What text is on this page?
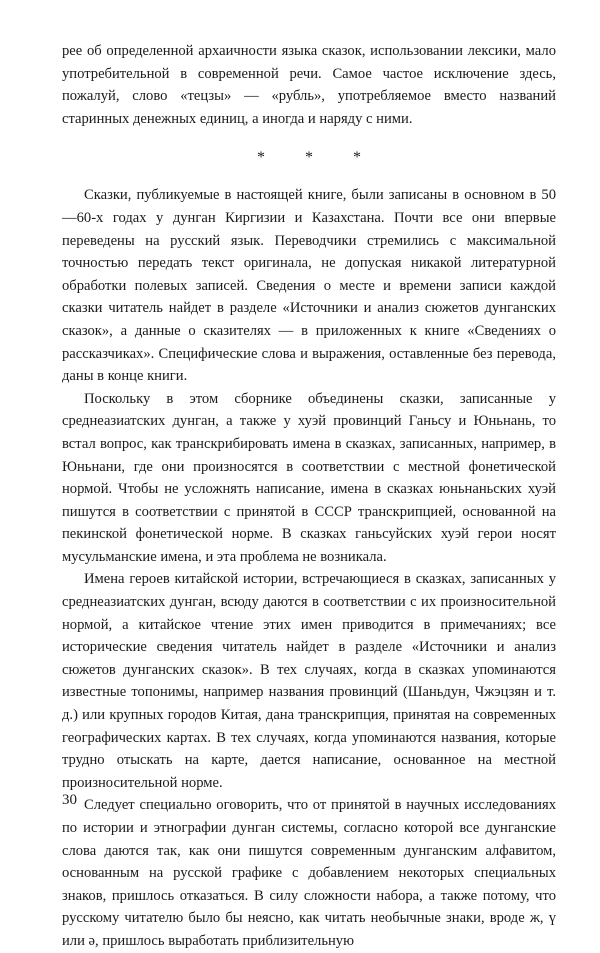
рее об определенной архаичности языка сказок, использовании лексики, мало употребительной в современной речи. Самое частое исключение здесь, пожалуй, слово «тецзы» — «рубль», употребляемое вместо названий старинных денежных единиц, а иногда и наряду с ними.

* * *

Сказки, публикуемые в настоящей книге, были записаны в основном в 50—60-х годах у дунган Киргизии и Казахстана. Почти все они впервые переведены на русский язык. Переводчики стремились с максимальной точностью передать текст оригинала, не допуская никакой литературной обработки полевых записей. Сведения о месте и времени записи каждой сказки читатель найдет в разделе «Источники и анализ сюжетов дунганских сказок», а данные о сказителях — в приложенных к книге «Сведениях о рассказчиках». Специфические слова и выражения, оставленные без перевода, даны в конце книги.

Поскольку в этом сборнике объединены сказки, записанные у среднеазиатских дунган, а также у хуэй провинций Ганьсу и Юньнань, то встал вопрос, как транскрибировать имена в сказках, записанных, например, в Юньнани, где они произносятся в соответствии с местной фонетической нормой. Чтобы не усложнять написание, имена в сказках юньнаньских хуэй пишутся в соответствии с принятой в СССР транскрипцией, основанной на пекинской фонетической норме. В сказках ганьсуйских хуэй герои носят мусульманские имена, и эта проблема не возникала.

Имена героев китайской истории, встречающиеся в сказках, записанных у среднеазиатских дунган, всюду даются в соответствии с их произносительной нормой, а китайское чтение этих имен приводится в примечаниях; все исторические сведения читатель найдет в разделе «Источники и анализ сюжетов дунганских сказок». В тех случаях, когда в сказках упоминаются известные топонимы, например названия провинций (Шаньдун, Чжэцзян и т. д.) или крупных городов Китая, дана транскрипция, принятая на современных географических картах. В тех случаях, когда упоминаются названия, которые трудно отыскать на карте, дается написание, основанное на местной произносительной норме.

Следует специально оговорить, что от принятой в научных исследованиях по истории и этнографии дунган системы, согласно которой все дунганские слова даются так, как они пишутся современным дунганским алфавитом, основанным на русской графике с добавлением некоторых специальных знаков, пришлось отказаться. В силу сложности набора, а также потому, что русскому читателю было бы неясно, как читать необычные знаки, вроде ж, ү или ә, пришлось выработать приблизительную

30
